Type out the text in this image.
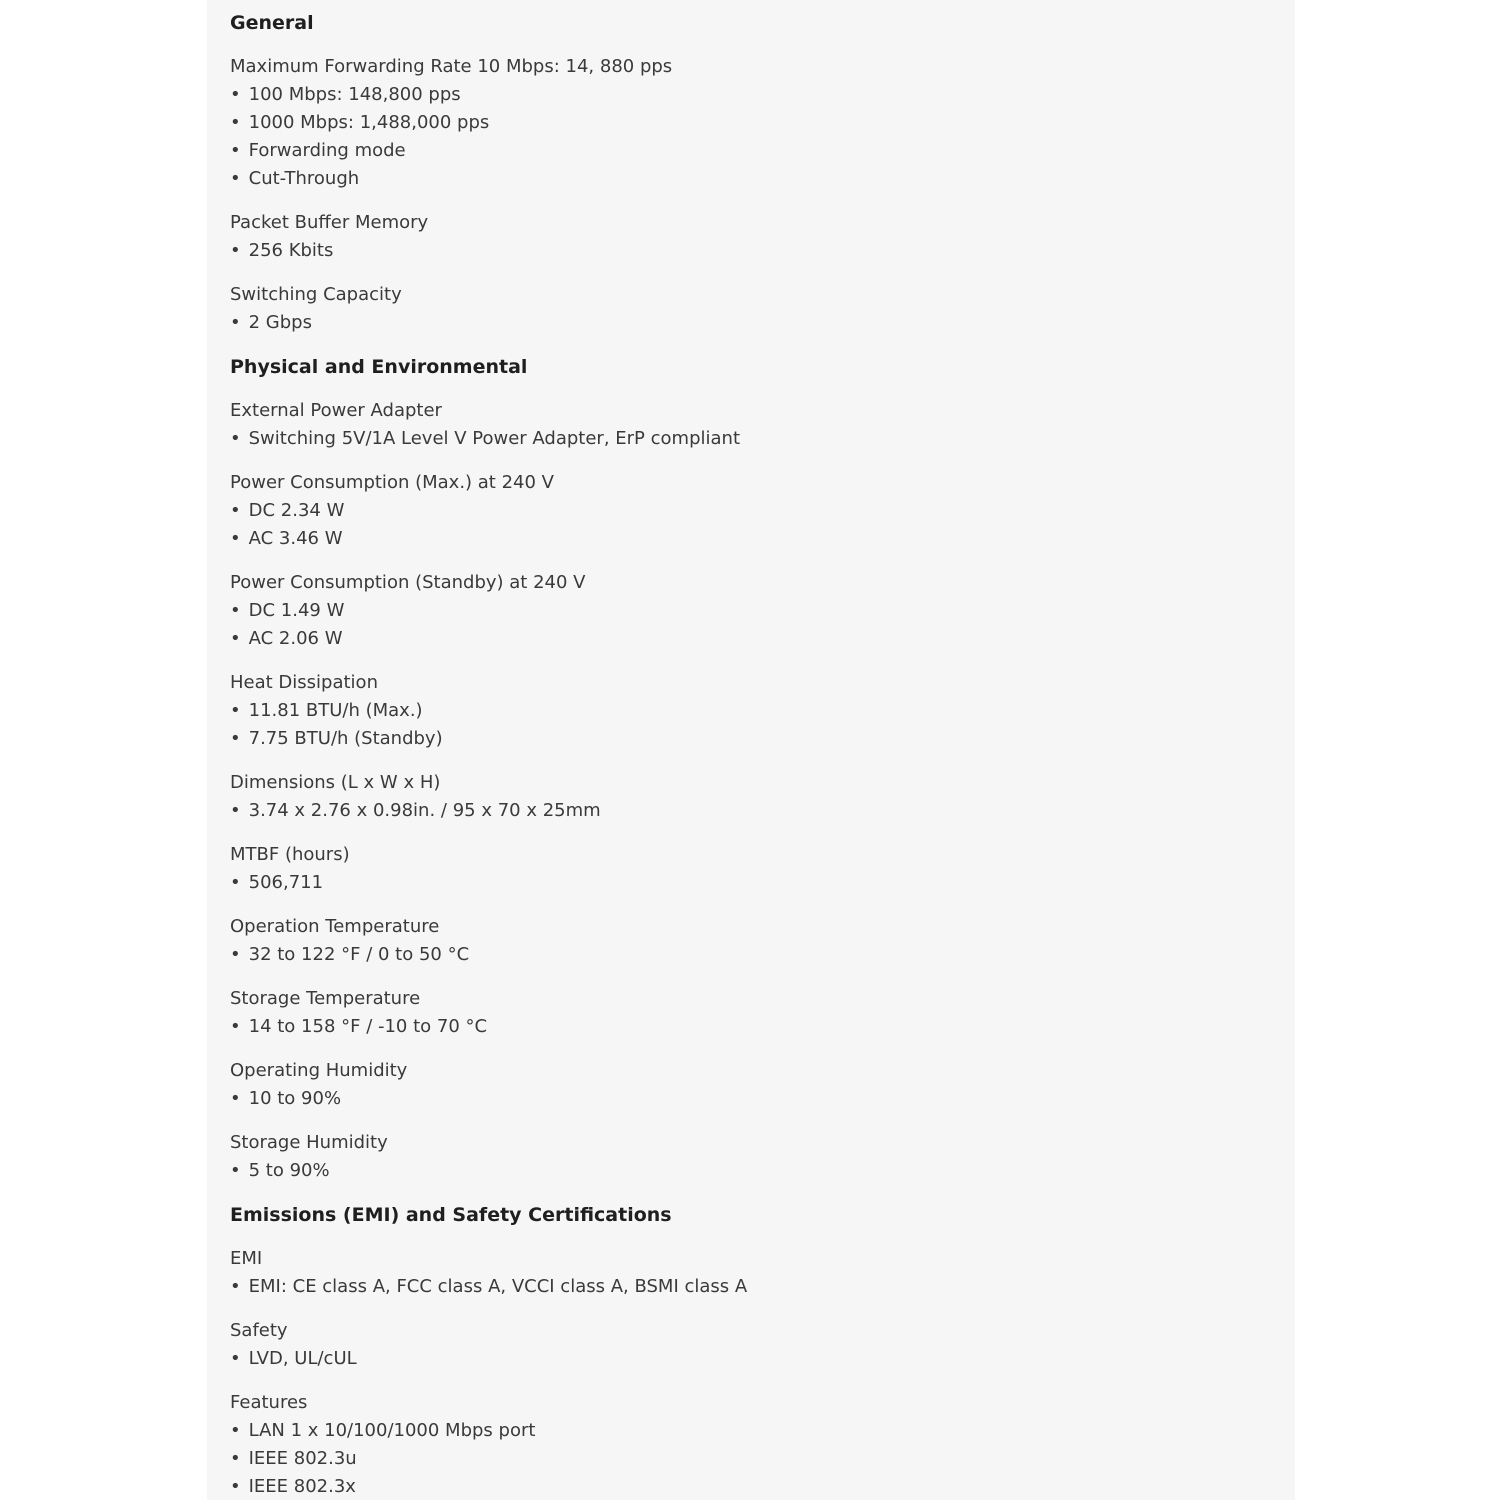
General
Maximum Forwarding Rate 10 Mbps: 14, 880 pps
• 100 Mbps: 148,800 pps
• 1000 Mbps: 1,488,000 pps
• Forwarding mode
• Cut-Through
Packet Buffer Memory
• 256 Kbits
Switching Capacity
• 2 Gbps
Physical and Environmental
External Power Adapter
• Switching 5V/1A Level V Power Adapter, ErP compliant
Power Consumption (Max.) at 240 V
• DC 2.34 W
• AC 3.46 W
Power Consumption (Standby) at 240 V
• DC 1.49 W
• AC 2.06 W
Heat Dissipation
• 11.81 BTU/h (Max.)
• 7.75 BTU/h (Standby)
Dimensions (L x W x H)
• 3.74 x 2.76 x 0.98in. / 95 x 70 x 25mm
MTBF (hours)
• 506,711
Operation Temperature
• 32 to 122 °F / 0 to 50 °C
Storage Temperature
• 14 to 158 °F / -10 to 70 °C
Operating Humidity
• 10 to 90%
Storage Humidity
• 5 to 90%
Emissions (EMI) and Safety Certifications
EMI
• EMI: CE class A, FCC class A, VCCI class A, BSMI class A
Safety
• LVD, UL/cUL
Features
• LAN 1 x 10/100/1000 Mbps port
• IEEE 802.3u
• IEEE 802.3x
